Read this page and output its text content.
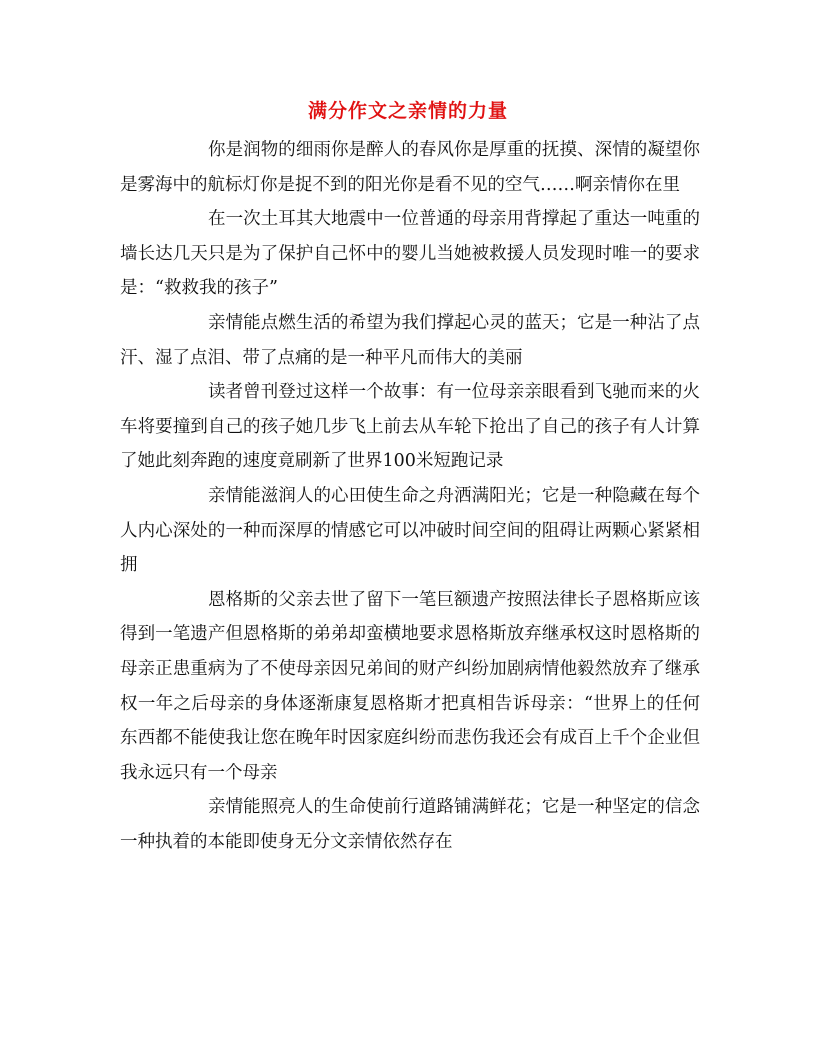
满分作文之亲情的力量

你是润物的细雨你是醉人的春风你是厚重的抚摸、深情的凝望你是雾海中的航标灯你是捉不到的阳光你是看不见的空气……啊亲情你在里

在一次土耳其大地震中一位普通的母亲用背撑起了重达一吨重的墙长达几天只是为了保护自己怀中的婴儿当她被救援人员发现时唯一的要求是：“救救我的孩子”

亲情能点燃生活的希望为我们撑起心灵的蓝天；它是一种沾了点汗、湿了点泪、带了点痛的是一种平凡而伟大的美丽

读者曾刊登过这样一个故事：有一位母亲亲眼看到飞驰而来的火车将要撞到自己的孩子她几步飞上前去从车轮下抢出了自己的孩子有人计算了她此刻奔跑的速度竟刷新了世界100米短跑记录

亲情能滋润人的心田使生命之舟洒满阳光；它是一种隐藏在每个人内心深处的一种而深厚的情感它可以冲破时间空间的阻碍让两颗心紧紧相拥

恩格斯的父亲去世了留下一笔巨额遗产按照法律长子恩格斯应该得到一笔遗产但恩格斯的弟弟却蛮横地要求恩格斯放弃继承权这时恩格斯的母亲正患重病为了不使母亲因兄弟间的财产纠纷加剧病情他毅然放弃了继承权一年之后母亲的身体逐渐康复恩格斯才把真相告诉母亲：“世界上的任何东西都不能使我让您在晚年时因家庭纠纷而悲伤我还会有成百上千个企业但我永远只有一个母亲

亲情能照亮人的生命使前行道路铺满鲜花；它是一种坚定的信念一种执着的本能即使身无分文亲情依然存在
